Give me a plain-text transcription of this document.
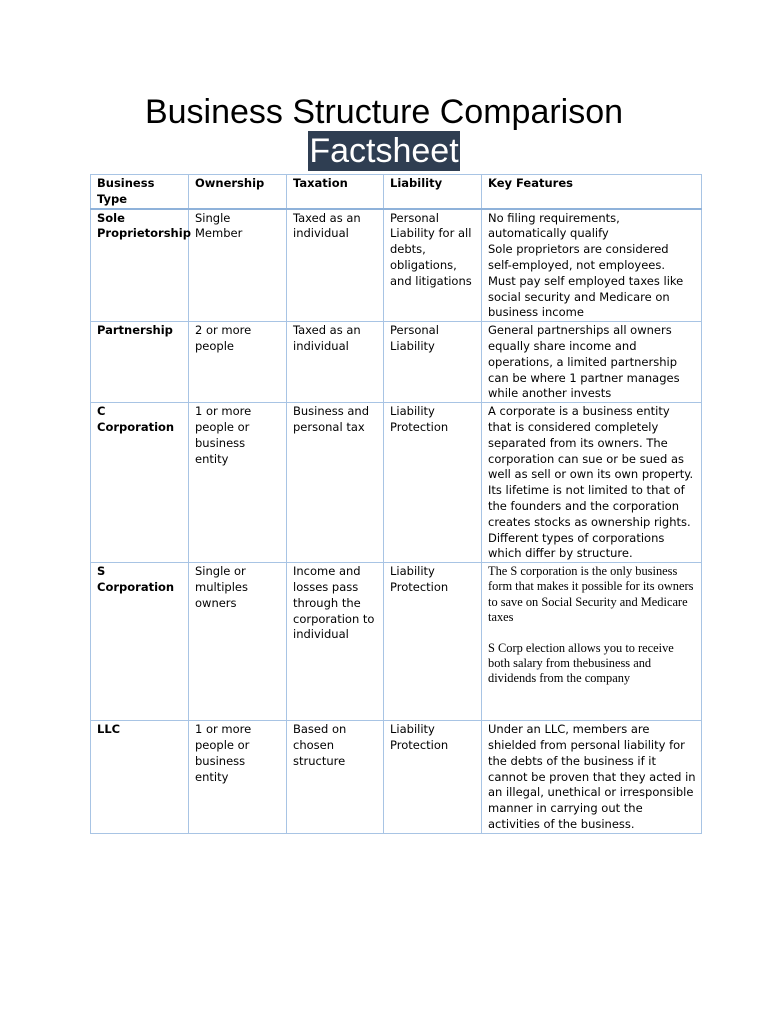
Business Structure Comparison
Factsheet
Business Type	Ownership	Taxation	Liability	Key Features
Sole Proprietorship	Single Member	Taxed as an individual	Personal Liability for all debts, obligations, and litigations	No filing requirements, automatically qualify
Sole proprietors are considered self-employed, not employees. Must pay self employed taxes like social security and Medicare on business income

Partnership	2 or more people	Taxed as an individual	Personal Liability	General partnerships all owners equally share income and operations, a limited partnership can be where 1 partner manages while another invests

C Corporation	1 or more people or business entity	Business and personal tax	Liability Protection	A corporate is a business entity that is considered completely separated from its owners. The corporation can sue or be sued as well as sell or own its own property. Its lifetime is not limited to that of the founders and the corporation creates stocks as ownership rights. Different types of corporations which differ by structure.

S Corporation	Single or multiples owners	Income and losses pass through the corporation to individual	Liability Protection	The S corporation is the only business form that makes it possible for its owners to save on Social Security and Medicare taxes
S Corp election allows you to receive both salary from thebusiness and dividends from the company

LLC	1 or more people or business entity	Based on chosen structure	Liability Protection	Under an LLC, members are shielded from personal liability for the debts of the business if it cannot be proven that they acted in an illegal, unethical or irresponsible manner in carrying out the activities of the business.
